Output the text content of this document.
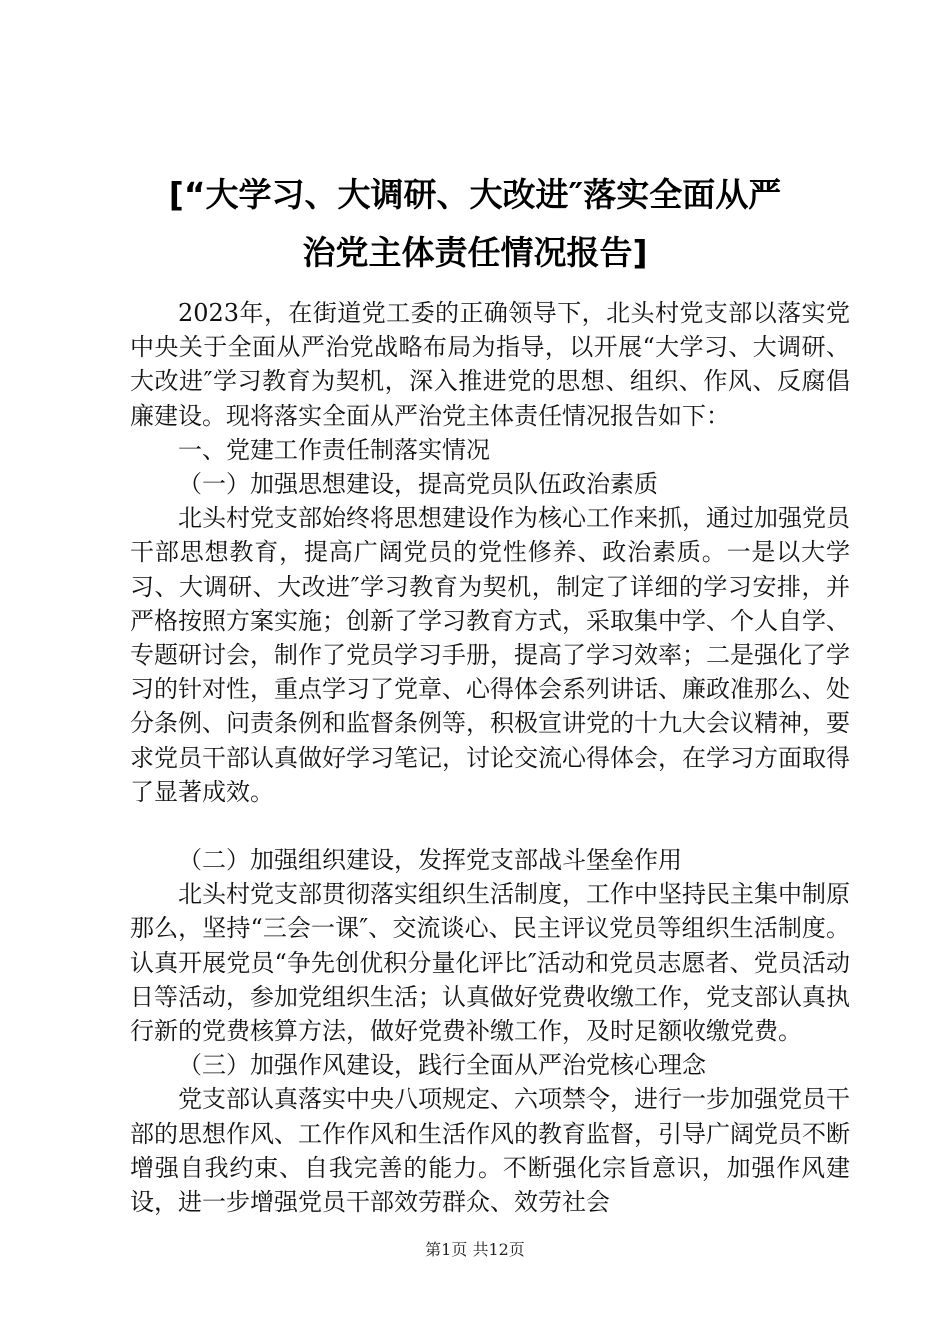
[“大学习、大调研、大改进″落实全面从严
治党主体责任情况报告]

2023年，在街道党工委的正确领导下，北头村党支部以落实党中央关于全面从严治党战略布局为指导，以开展“大学习、大调研、大改进″学习教育为契机，深入推进党的思想、组织、作风、反腐倡廉建设。现将落实全面从严治党主体责任情况报告如下：

一、党建工作责任制落实情况

（一）加强思想建设，提高党员队伍政治素质

北头村党支部始终将思想建设作为核心工作来抓，通过加强党员干部思想教育，提高广阔党员的党性修养、政治素质。一是以大学习、大调研、大改进″学习教育为契机，制定了详细的学习安排，并严格按照方案实施；创新了学习教育方式，采取集中学、个人自学、专题研讨会，制作了党员学习手册，提高了学习效率；二是强化了学习的针对性，重点学习了党章、心得体会系列讲话、廉政准那么、处分条例、问责条例和监督条例等，积极宣讲党的十九大会议精神，要求党员干部认真做好学习笔记，讨论交流心得体会，在学习方面取得了显著成效。

（二）加强组织建设，发挥党支部战斗堡垒作用

北头村党支部贯彻落实组织生活制度，工作中坚持民主集中制原那么，坚持“三会一课″、交流谈心、民主评议党员等组织生活制度。认真开展党员“争先创优积分量化评比″活动和党员志愿者、党员活动日等活动，参加党组织生活；认真做好党费收缴工作，党支部认真执行新的党费核算方法，做好党费补缴工作，及时足额收缴党费。

（三）加强作风建设，践行全面从严治党核心理念

党支部认真落实中央八项规定、六项禁令，进行一步加强党员干部的思想作风、工作作风和生活作风的教育监督，引导广阔党员不断增强自我约束、自我完善的能力。不断强化宗旨意识，加强作风建设，进一步增强党员干部效劳群众、效劳社会

第1页 共12页
